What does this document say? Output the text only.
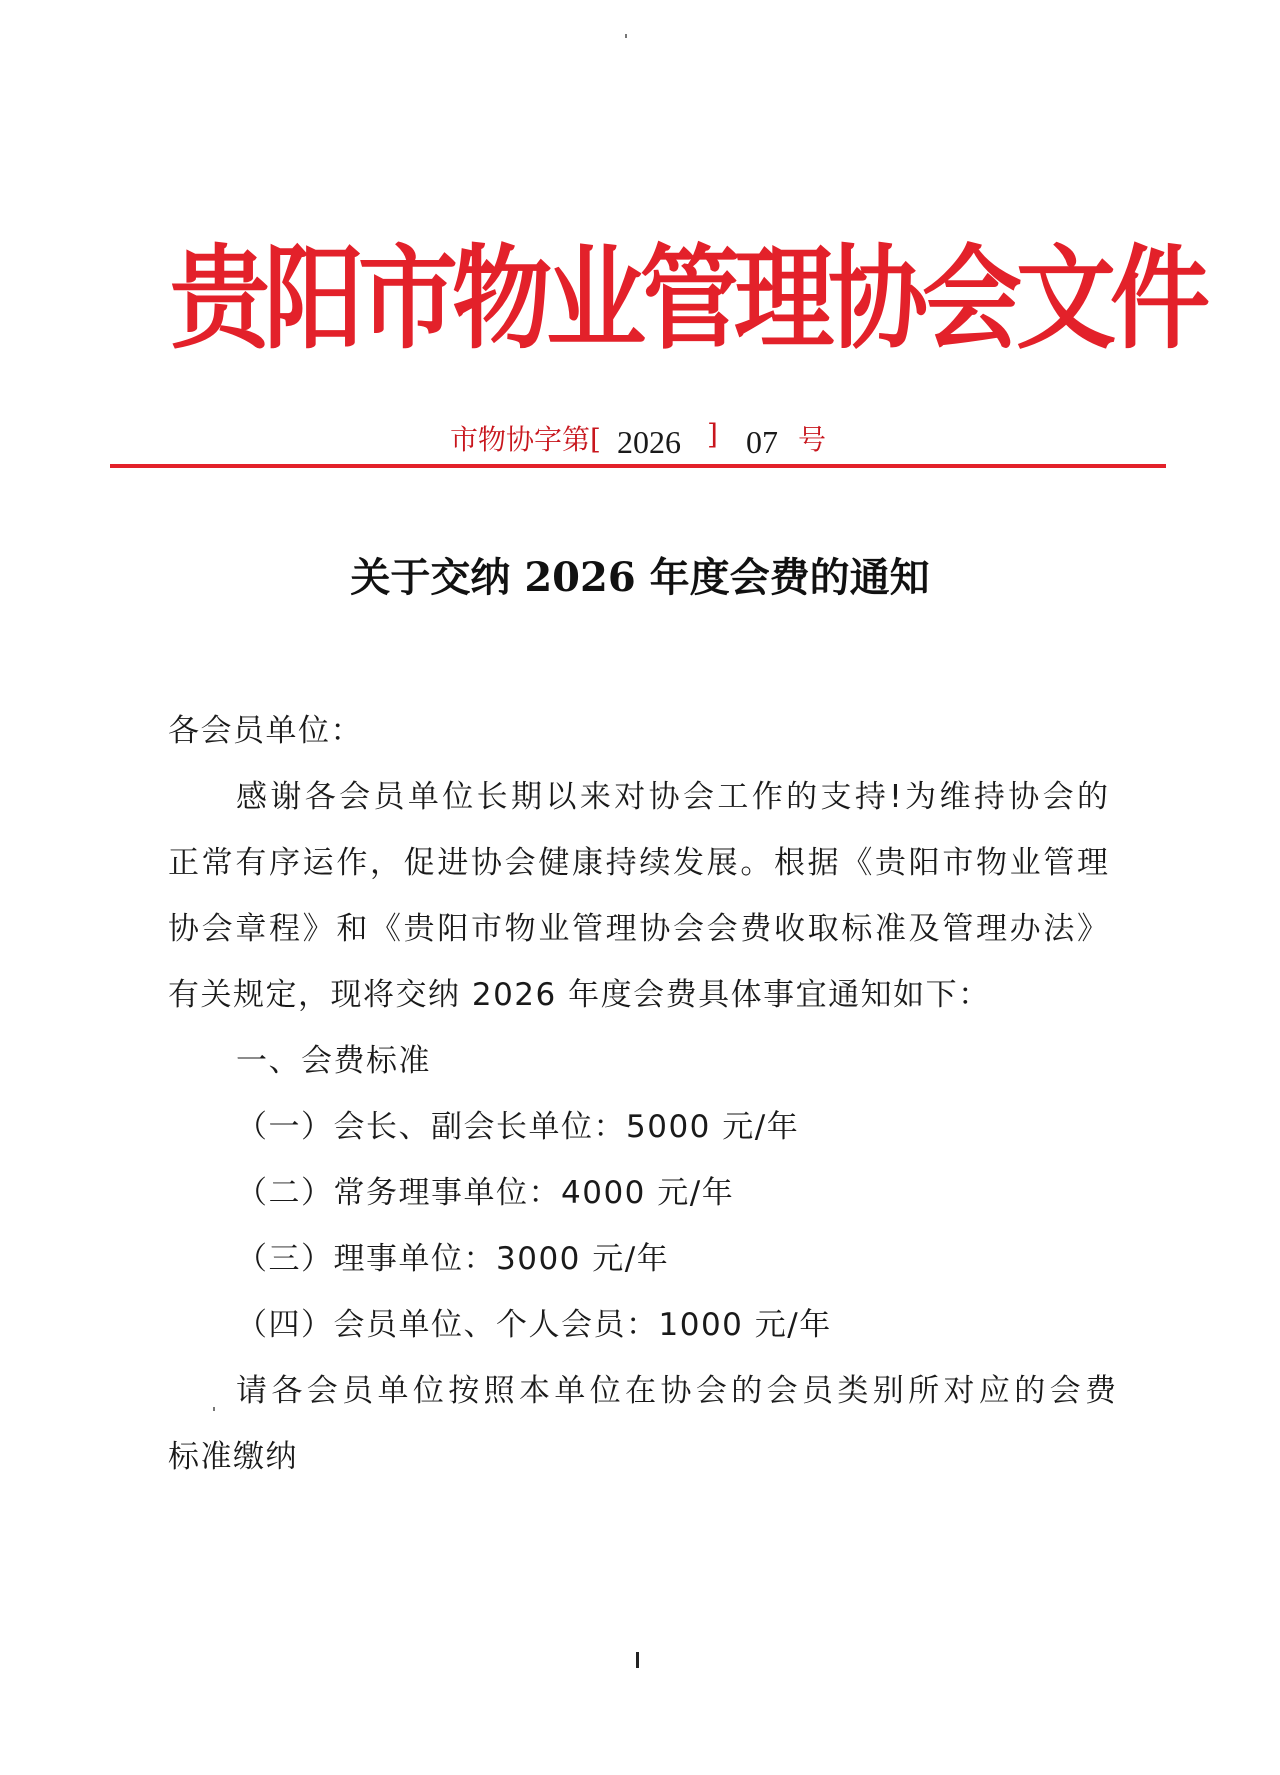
贵阳市物业管理协会文件
市物协字第[ 2026 ] 07 号
关于交纳 2026 年度会费的通知
各会员单位：
感谢各会员单位长期以来对协会工作的支持!为维持协会的
正常有序运作，促进协会健康持续发展。根据《贵阳市物业管理
协会章程》和《贵阳市物业管理协会会费收取标准及管理办法》
有关规定，现将交纳 2026 年度会费具体事宜通知如下：
一、会费标准
（一）会长、副会长单位：5000 元/年
（二）常务理事单位：4000 元/年
（三）理事单位：3000 元/年
（四）会员单位、个人会员：1000 元/年
请各会员单位按照本单位在协会的会员类别所对应的会费
标准缴纳
